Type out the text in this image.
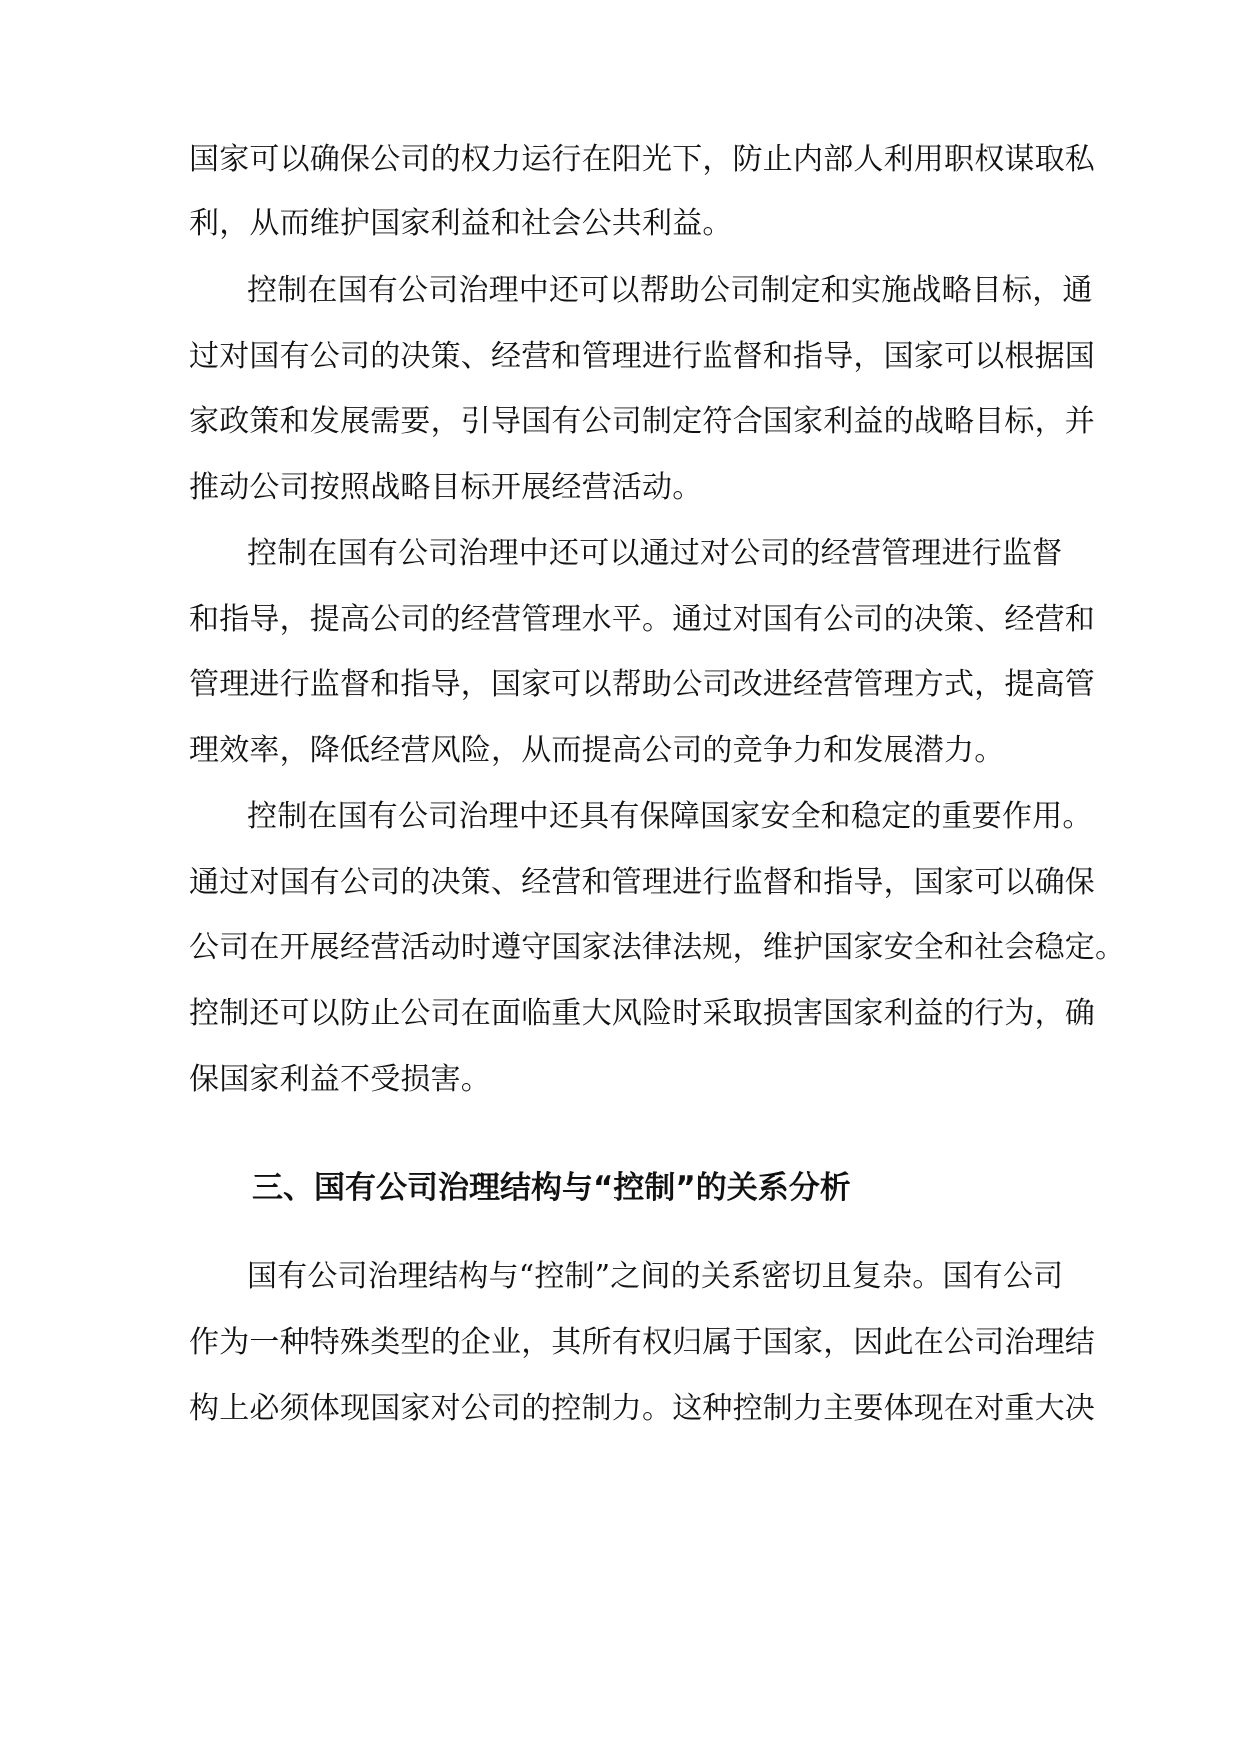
国家可以确保公司的权力运行在阳光下，防止内部人利用职权谋取私
利，从而维护国家利益和社会公共利益。
控制在国有公司治理中还可以帮助公司制定和实施战略目标，通
过对国有公司的决策、经营和管理进行监督和指导，国家可以根据国
家政策和发展需要，引导国有公司制定符合国家利益的战略目标，并
推动公司按照战略目标开展经营活动。
控制在国有公司治理中还可以通过对公司的经营管理进行监督
和指导，提高公司的经营管理水平。通过对国有公司的决策、经营和
管理进行监督和指导，国家可以帮助公司改进经营管理方式，提高管
理效率，降低经营风险，从而提高公司的竞争力和发展潜力。
控制在国有公司治理中还具有保障国家安全和稳定的重要作用。
通过对国有公司的决策、经营和管理进行监督和指导，国家可以确保
公司在开展经营活动时遵守国家法律法规，维护国家安全和社会稳定。
控制还可以防止公司在面临重大风险时采取损害国家利益的行为，确
保国家利益不受损害。
三、国有公司治理结构与“控制”的关系分析
国有公司治理结构与“控制”之间的关系密切且复杂。国有公司
作为一种特殊类型的企业，其所有权归属于国家，因此在公司治理结
构上必须体现国家对公司的控制力。这种控制力主要体现在对重大决
